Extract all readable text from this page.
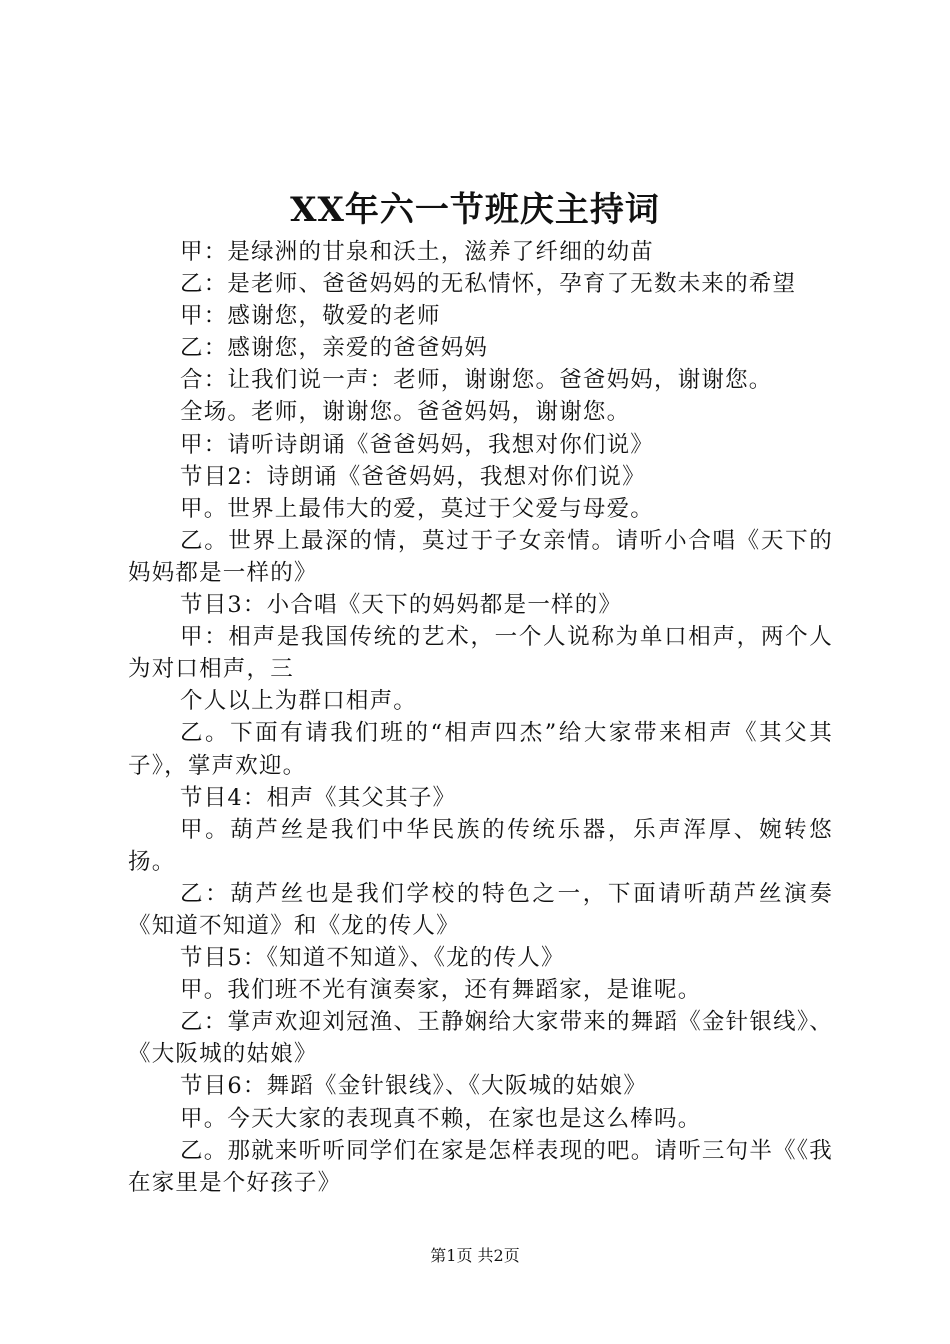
XX年六一节班庆主持词

甲：是绿洲的甘泉和沃土，滋养了纤细的幼苗

乙：是老师、爸爸妈妈的无私情怀，孕育了无数未来的希望

甲：感谢您，敬爱的老师

乙：感谢您，亲爱的爸爸妈妈

合：让我们说一声：老师，谢谢您。爸爸妈妈，谢谢您。

全场。老师，谢谢您。爸爸妈妈，谢谢您。

甲：请听诗朗诵《爸爸妈妈，我想对你们说》

节目2：诗朗诵《爸爸妈妈，我想对你们说》

甲。世界上最伟大的爱，莫过于父爱与母爱。

乙。世界上最深的情，莫过于子女亲情。请听小合唱《天下的妈妈都是一样的》

节目3：小合唱《天下的妈妈都是一样的》

甲：相声是我国传统的艺术，一个人说称为单口相声，两个人为对口相声，三

个人以上为群口相声。

乙。下面有请我们班的“相声四杰”给大家带来相声《其父其子》，掌声欢迎。

节目4：相声《其父其子》

甲。葫芦丝是我们中华民族的传统乐器，乐声浑厚、婉转悠扬。

乙：葫芦丝也是我们学校的特色之一，下面请听葫芦丝演奏《知道不知道》和《龙的传人》

节目5：《知道不知道》、《龙的传人》

甲。我们班不光有演奏家，还有舞蹈家，是谁呢。

乙：掌声欢迎刘冠渔、王静娴给大家带来的舞蹈《金针银线》、《大阪城的姑娘》

节目6：舞蹈《金针银线》、《大阪城的姑娘》

甲。今天大家的表现真不赖，在家也是这么棒吗。

乙。那就来听听同学们在家是怎样表现的吧。请听三句半《《我在家里是个好孩子》

第1页 共2页
